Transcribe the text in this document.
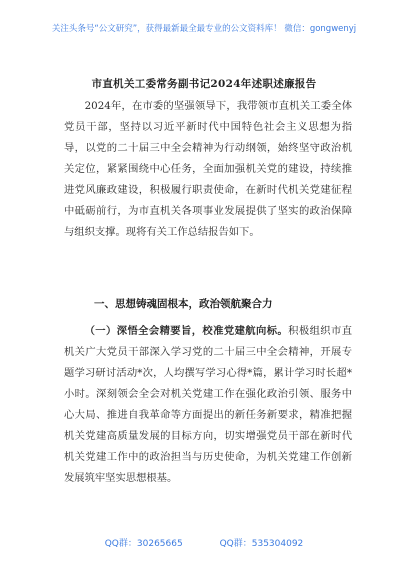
关注头条号“公文研究”，获得最新最全最专业的公文资料库！ 微信：gongwenyj
市直机关工委常务副书记2024年述职述廉报告
2024年，在市委的坚强领导下，我带领市直机关工委全体党员干部，坚持以习近平新时代中国特色社会主义思想为指导，以党的二十届三中全会精神为行动纲领，始终坚守政治机关定位，紧紧围绕中心任务，全面加强机关党的建设，持续推进党风廉政建设，积极履行职责使命，在新时代机关党建征程中砥砺前行，为市直机关各项事业发展提供了坚实的政治保障与组织支撑。现将有关工作总结报告如下。
一、思想铸魂固根本，政治领航聚合力
（一）深悟全会精要旨，校准党建航向标。积极组织市直机关广大党员干部深入学习党的二十届三中全会精神，开展专题学习研讨活动*次，人均撰写学习心得*篇，累计学习时长超*小时。深刻领会全会对机关党建工作在强化政治引领、服务中心大局、推进自我革命等方面提出的新任务新要求，精准把握机关党建高质量发展的目标方向，切实增强党员干部在新时代机关党建工作中的政治担当与历史使命，为机关党建工作创新发展筑牢坚实思想根基。
QQ群：30265665	QQ群：535304092
